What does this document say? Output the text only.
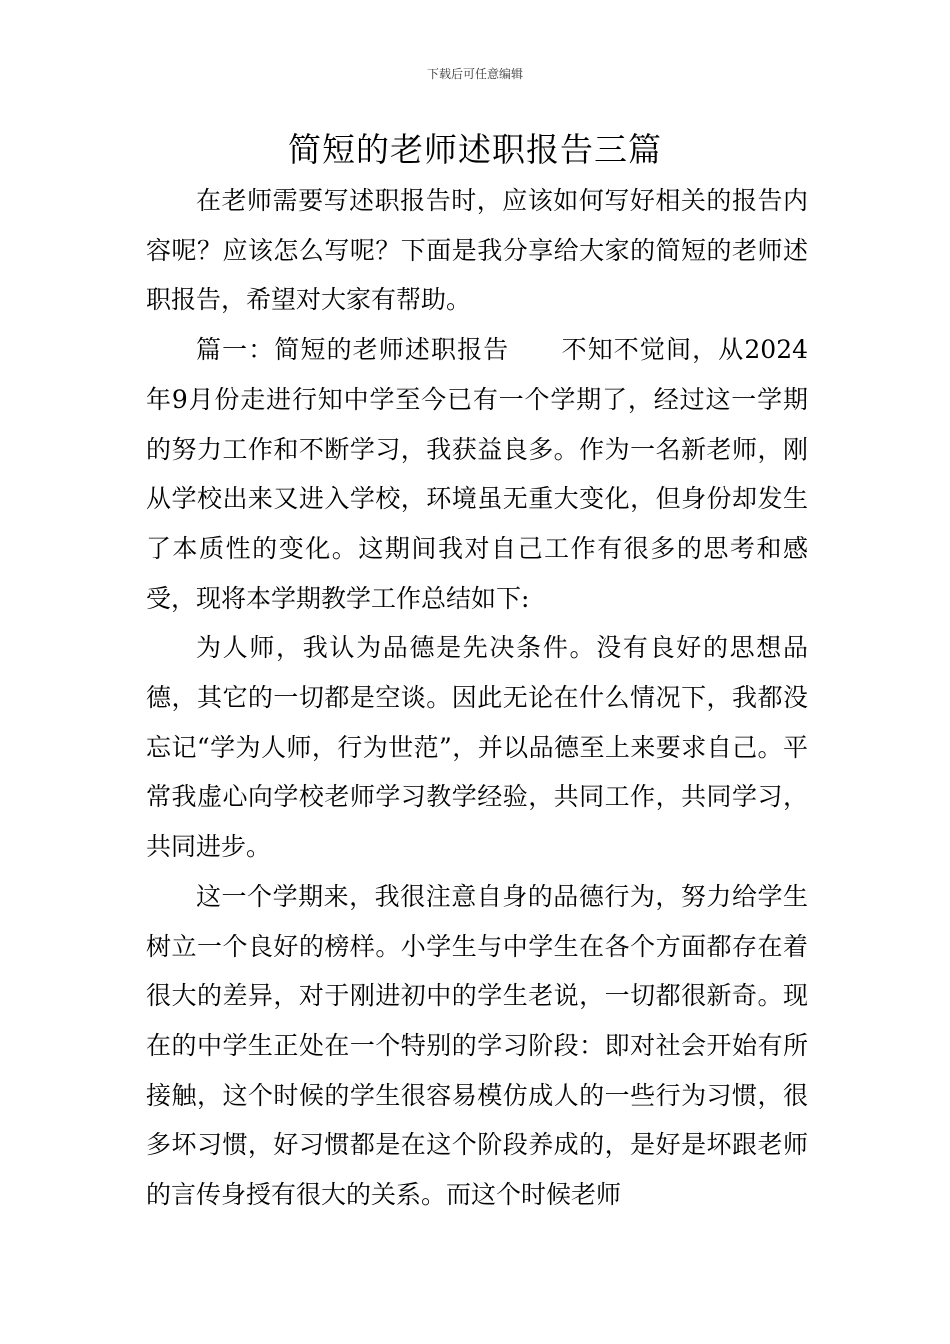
下载后可任意编辑
简短的老师述职报告三篇

在老师需要写述职报告时，应该如何写好相关的报告内容呢？应该怎么写呢？下面是我分享给大家的简短的老师述职报告，希望对大家有帮助。

篇一：简短的老师述职报告　　不知不觉间，从2024年9月份走进行知中学至今已有一个学期了，经过这一学期的努力工作和不断学习，我获益良多。作为一名新老师，刚从学校出来又进入学校，环境虽无重大变化，但身份却发生了本质性的变化。这期间我对自己工作有很多的思考和感受，现将本学期教学工作总结如下:

为人师，我认为品德是先决条件。没有良好的思想品德，其它的一切都是空谈。因此无论在什么情况下，我都没忘记“学为人师，行为世范”，并以品德至上来要求自己。平常我虚心向学校老师学习教学经验，共同工作，共同学习，共同进步。

这一个学期来，我很注意自身的品德行为，努力给学生树立一个良好的榜样。小学生与中学生在各个方面都存在着很大的差异，对于刚进初中的学生老说，一切都很新奇。现在的中学生正处在一个特别的学习阶段：即对社会开始有所接触，这个时候的学生很容易模仿成人的一些行为习惯，很多坏习惯，好习惯都是在这个阶段养成的，是好是坏跟老师的言传身授有很大的关系。而这个时候老师
